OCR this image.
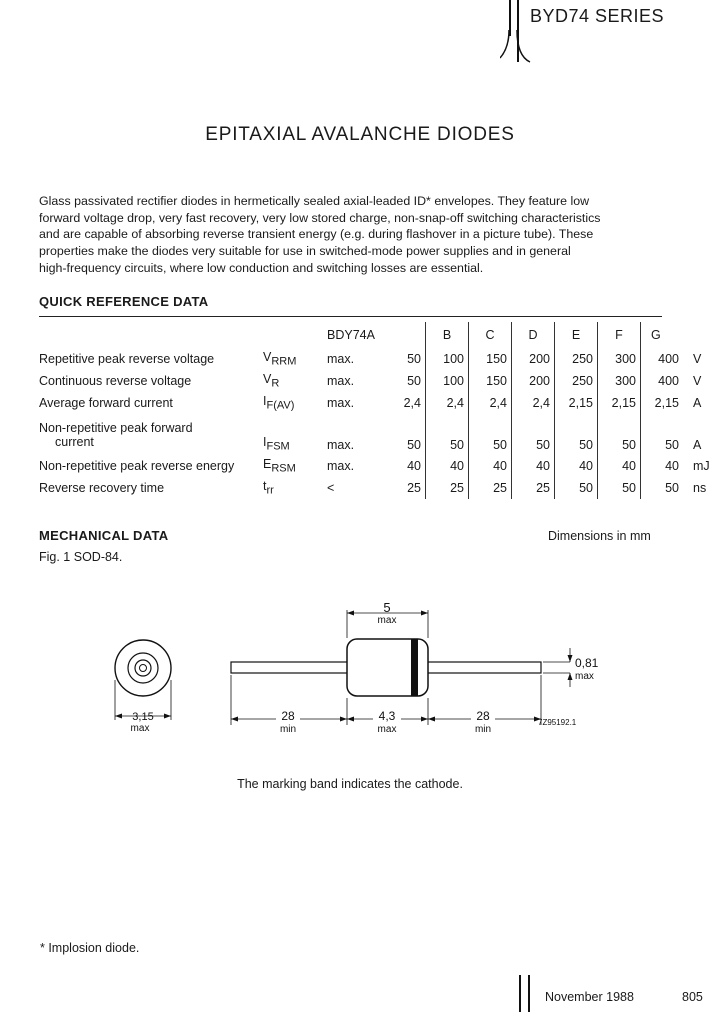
BYD74 SERIES
EPITAXIAL AVALANCHE DIODES
Glass passivated rectifier diodes in hermetically sealed axial-leaded ID* envelopes. They feature low
forward voltage drop, very fast recovery, very low stored charge, non-snap-off switching characteristics
and are capable of absorbing reverse transient energy (e.g. during flashover in a picture tube). These
properties make the diodes very suitable for use in switched-mode power supplies and in general
high-frequency circuits, where low conduction and switching losses are essential.
QUICK REFERENCE DATA
		BDY74A			B	C	D	E	F	G	
Repetitive peak reverse voltage	$V_{RRM}$	max.		50	100	150	200	250	300	400	V
Continuous reverse voltage	$V_R$	max.		50	100	150	200	250	300	400	V
Average forward current	$I_{F(AV)}$	max.		2,4	2,4	2,4	2,4	2,15	2,15	2,15	A

Non-repetitive peak forward
current	$I_{FSM}$	max.		50	50	50	50	50	50	50	A
Non-repetitive peak reverse energy	$E_{RSM}$	max.		40	40	40	40	40	40	40	mJ
Reverse recovery time	$t_{rr}$	<		25	25	25	25	50	50	50	ns
MECHANICAL DATA	Dimensions in mm
Fig. 1 SOD-84.
3,15
max
5
max
0,81
max
28
min
4,3
max
28
min
7Z95192.1
The marking band indicates the cathode.
* Implosion diode.
November 1988	805
